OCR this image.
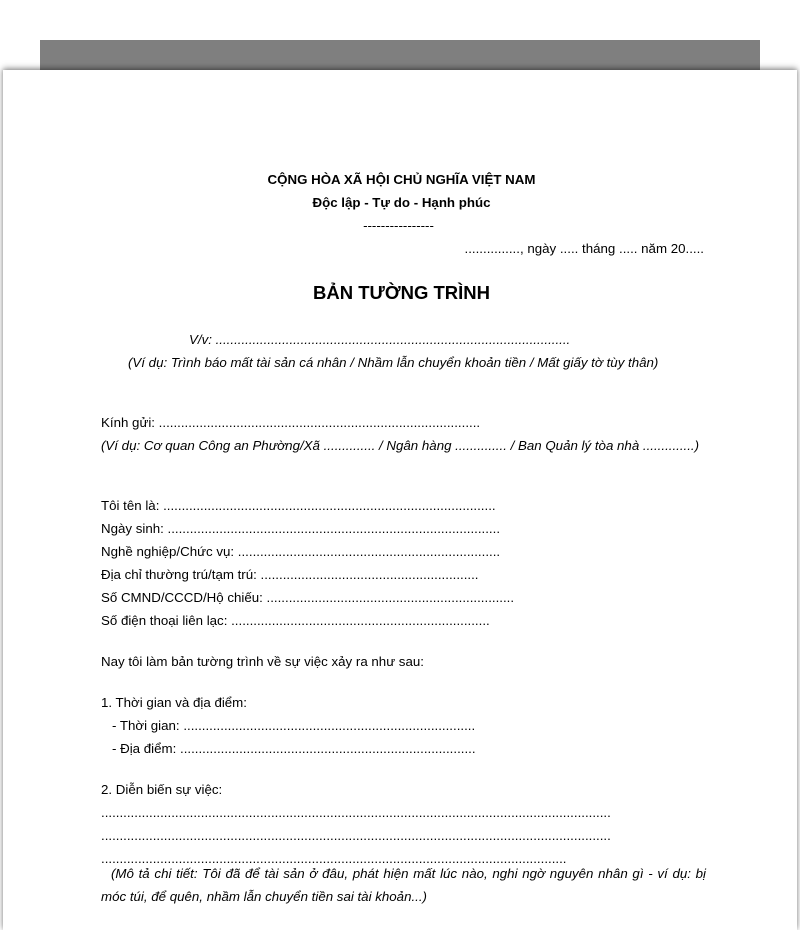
CỘNG HÒA XÃ HỘI CHỦ NGHĨA VIỆT NAM
Độc lập - Tự do - Hạnh phúc
----------------
..............., ngày ..... tháng ..... năm 20.....
BẢN TƯỜNG TRÌNH
V/v: ................................................................................................
(Ví dụ: Trình báo mất tài sản cá nhân / Nhầm lẫn chuyển khoản tiền / Mất giấy tờ tùy thân)
Kính gửi: .......................................................................................
(Ví dụ: Cơ quan Công an Phường/Xã .............. / Ngân hàng .............. / Ban Quản lý tòa nhà ..............)
Tôi tên là: ..........................................................................................
Ngày sinh: ..........................................................................................
Nghề nghiệp/Chức vụ: .......................................................................
Địa chỉ thường trú/tạm trú: ...........................................................
Số CMND/CCCD/Hộ chiếu: ...................................................................
Số điện thoại liên lạc: ......................................................................
Nay tôi làm bản tường trình về sự việc xảy ra như sau:
1. Thời gian và địa điểm:
- Thời gian: ...............................................................................
- Địa điểm: ................................................................................
2. Diễn biến sự việc:
..........................................................................................................................................
..........................................................................................................................................
..............................................................................................................................
(Mô tả chi tiết: Tôi đã để tài sản ở đâu, phát hiện mất lúc nào, nghi ngờ nguyên nhân gì - ví dụ: bị móc túi, để quên, nhầm lẫn chuyển tiền sai tài khoản...)
